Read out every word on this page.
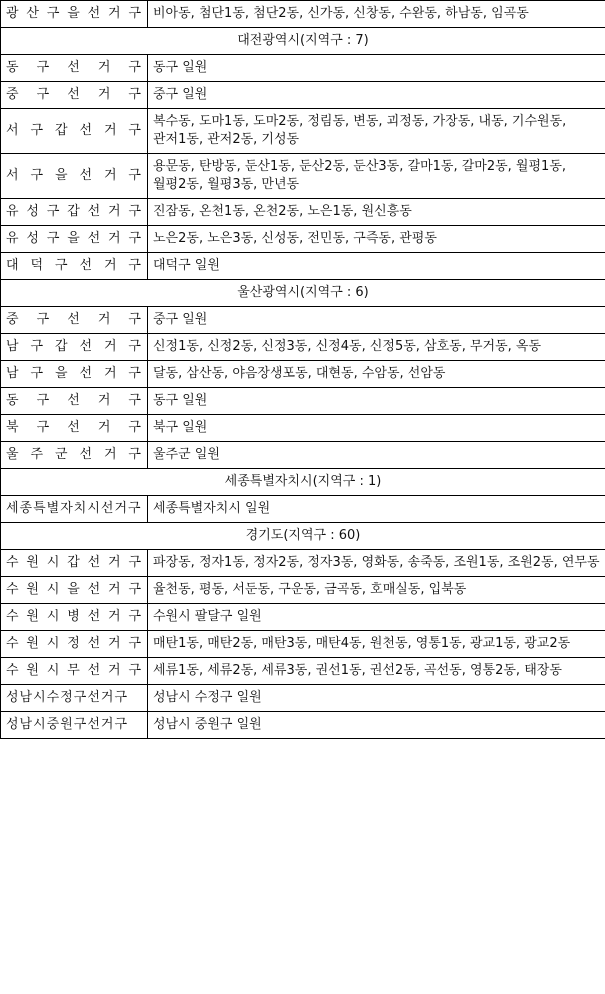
광 산 구 을 선 거 구	비아동, 첨단1동, 첨단2동, 신가동, 신창동, 수완동, 하남동, 임곡동
대전광역시(지역구 : 7)	
동 구 선 거 구	동구 일원
중 구 선 거 구	중구 일원
서 구 갑 선 거 구	복수동, 도마1동, 도마2동, 정림동, 변동, 괴정동, 가장동, 내동, 기수원동, 관저1동, 관저2동, 기성동
서 구 을 선 거 구	용문동, 탄방동, 둔산1동, 둔산2동, 둔산3동, 갈마1동, 갈마2동, 월평1동, 월평2동, 월평3동, 만년동
유 성 구 갑 선 거 구	진잠동, 온천1동, 온천2동, 노은1동, 원신흥동
유 성 구 을 선 거 구	노은2동, 노은3동, 신성동, 전민동, 구즉동, 관평동
대 덕 구 선 거 구	대덕구 일원
울산광역시(지역구 : 6)	
중 구 선 거 구	중구 일원
남 구 갑 선 거 구	신정1동, 신정2동, 신정3동, 신정4동, 신정5동, 삼호동, 무거동, 옥동
남 구 을 선 거 구	달동, 삼산동, 야음장생포동, 대현동, 수암동, 선암동
동 구 선 거 구	동구 일원
북 구 선 거 구	북구 일원
울 주 군 선 거 구	울주군 일원
세종특별자치시(지역구 : 1)	
세종특별자치시선거구	세종특별자치시 일원
경기도(지역구 : 60)	
수 원 시 갑 선 거 구	파장동, 정자1동, 정자2동, 정자3동, 영화동, 송죽동, 조원1동, 조원2동, 연무동
수 원 시 을 선 거 구	율천동, 평동, 서둔동, 구운동, 금곡동, 호매실동, 입북동
수 원 시 병 선 거 구	수원시 팔달구 일원
수 원 시 정 선 거 구	매탄1동, 매탄2동, 매탄3동, 매탄4동, 원천동, 영통1동, 광교1동, 광교2동
수 원 시 무 선 거 구	세류1동, 세류2동, 세류3동, 권선1동, 권선2동, 곡선동, 영통2동, 태장동
성남시수정구선거구	성남시 수정구 일원
성남시중원구선거구	성남시 중원구 일원
